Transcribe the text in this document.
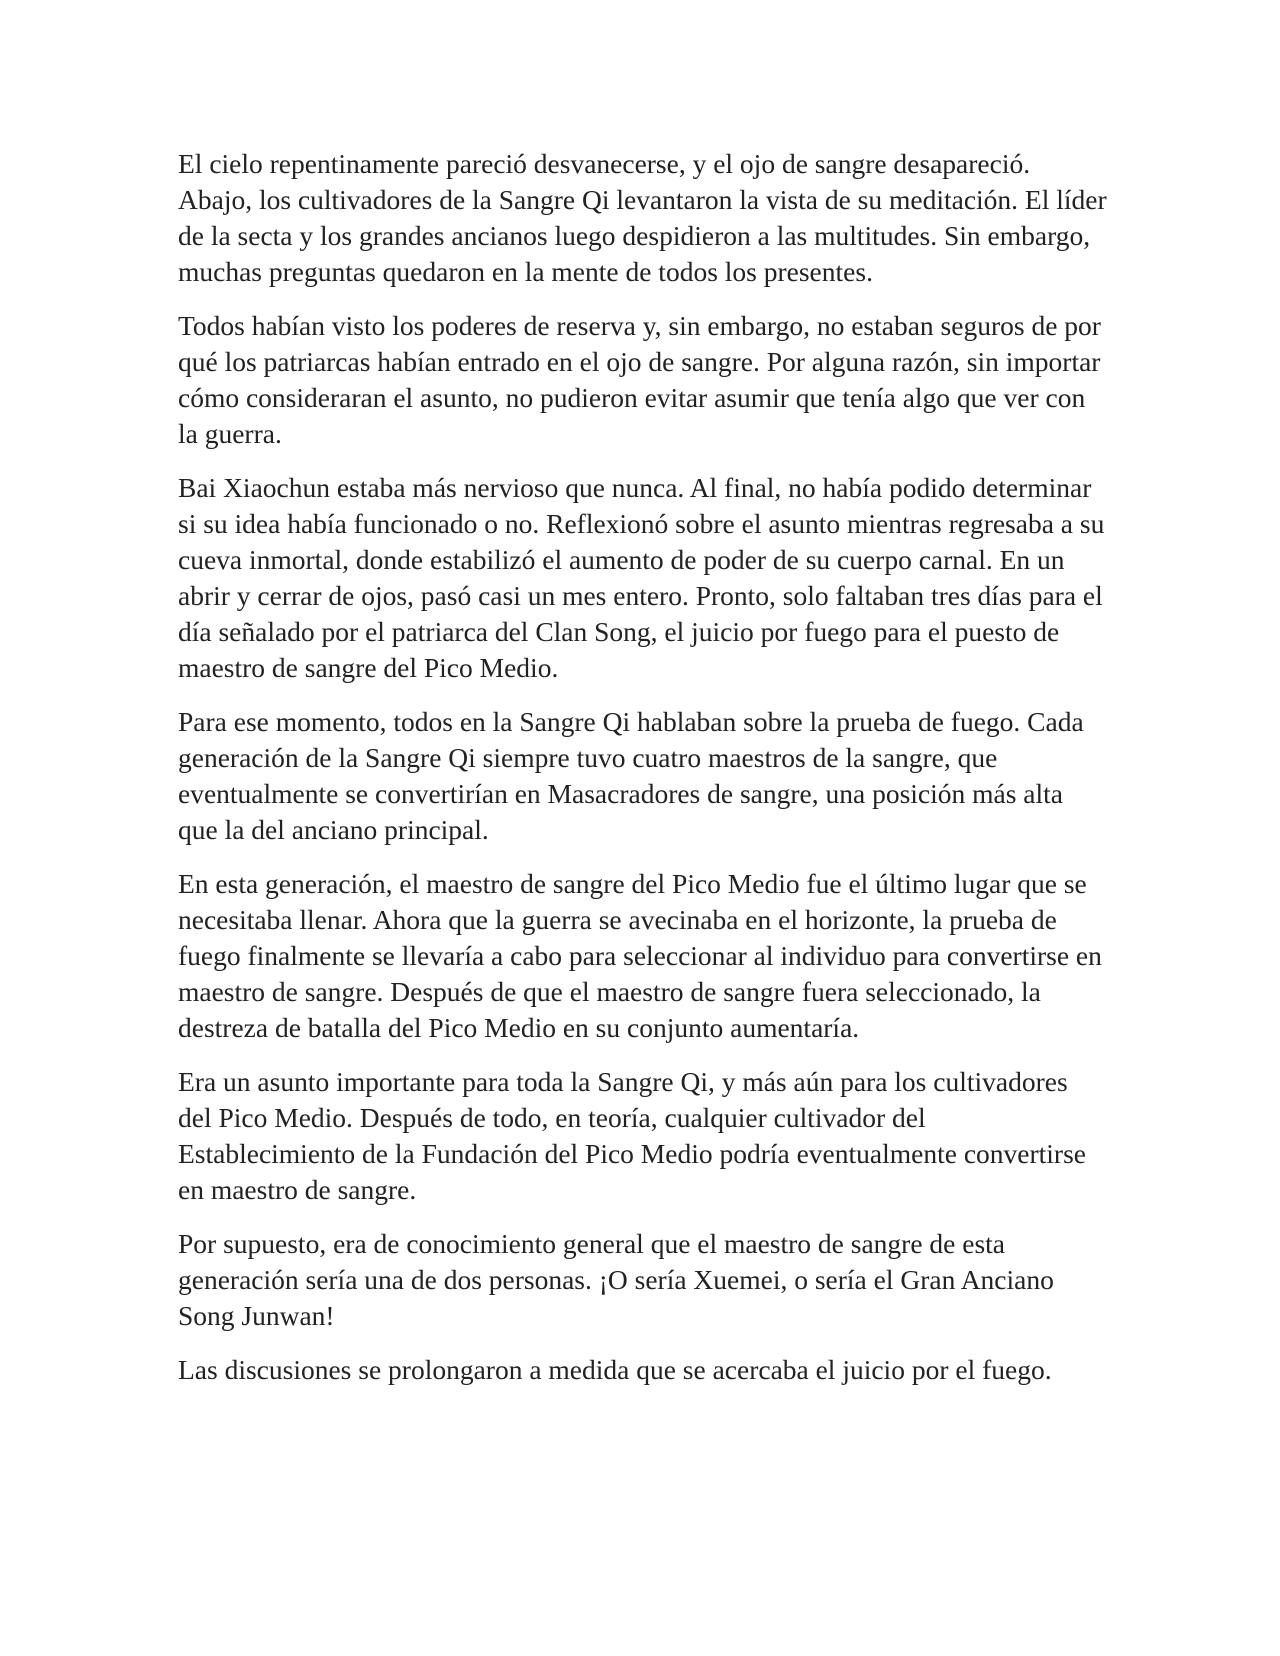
El cielo repentinamente pareció desvanecerse, y el ojo de sangre desapareció. Abajo, los cultivadores de la Sangre Qi levantaron la vista de su meditación. El líder de la secta y los grandes ancianos luego despidieron a las multitudes. Sin embargo, muchas preguntas quedaron en la mente de todos los presentes.

Todos habían visto los poderes de reserva y, sin embargo, no estaban seguros de por qué los patriarcas habían entrado en el ojo de sangre. Por alguna razón, sin importar cómo consideraran el asunto, no pudieron evitar asumir que tenía algo que ver con la guerra.

Bai Xiaochun estaba más nervioso que nunca. Al final, no había podido determinar si su idea había funcionado o no. Reflexionó sobre el asunto mientras regresaba a su cueva inmortal, donde estabilizó el aumento de poder de su cuerpo carnal. En un abrir y cerrar de ojos, pasó casi un mes entero. Pronto, solo faltaban tres días para el día señalado por el patriarca del Clan Song, el juicio por fuego para el puesto de maestro de sangre del Pico Medio.

Para ese momento, todos en la Sangre Qi hablaban sobre la prueba de fuego. Cada generación de la Sangre Qi siempre tuvo cuatro maestros de la sangre, que eventualmente se convertirían en Masacradores de sangre, una posición más alta que la del anciano principal.

En esta generación, el maestro de sangre del Pico Medio fue el último lugar que se necesitaba llenar. Ahora que la guerra se avecinaba en el horizonte, la prueba de fuego finalmente se llevaría a cabo para seleccionar al individuo para convertirse en maestro de sangre. Después de que el maestro de sangre fuera seleccionado, la destreza de batalla del Pico Medio en su conjunto aumentaría.

Era un asunto importante para toda la Sangre Qi, y más aún para los cultivadores del Pico Medio. Después de todo, en teoría, cualquier cultivador del Establecimiento de la Fundación del Pico Medio podría eventualmente convertirse en maestro de sangre.

Por supuesto, era de conocimiento general que el maestro de sangre de esta generación sería una de dos personas. ¡O sería Xuemei, o sería el Gran Anciano Song Junwan!

Las discusiones se prolongaron a medida que se acercaba el juicio por el fuego.
